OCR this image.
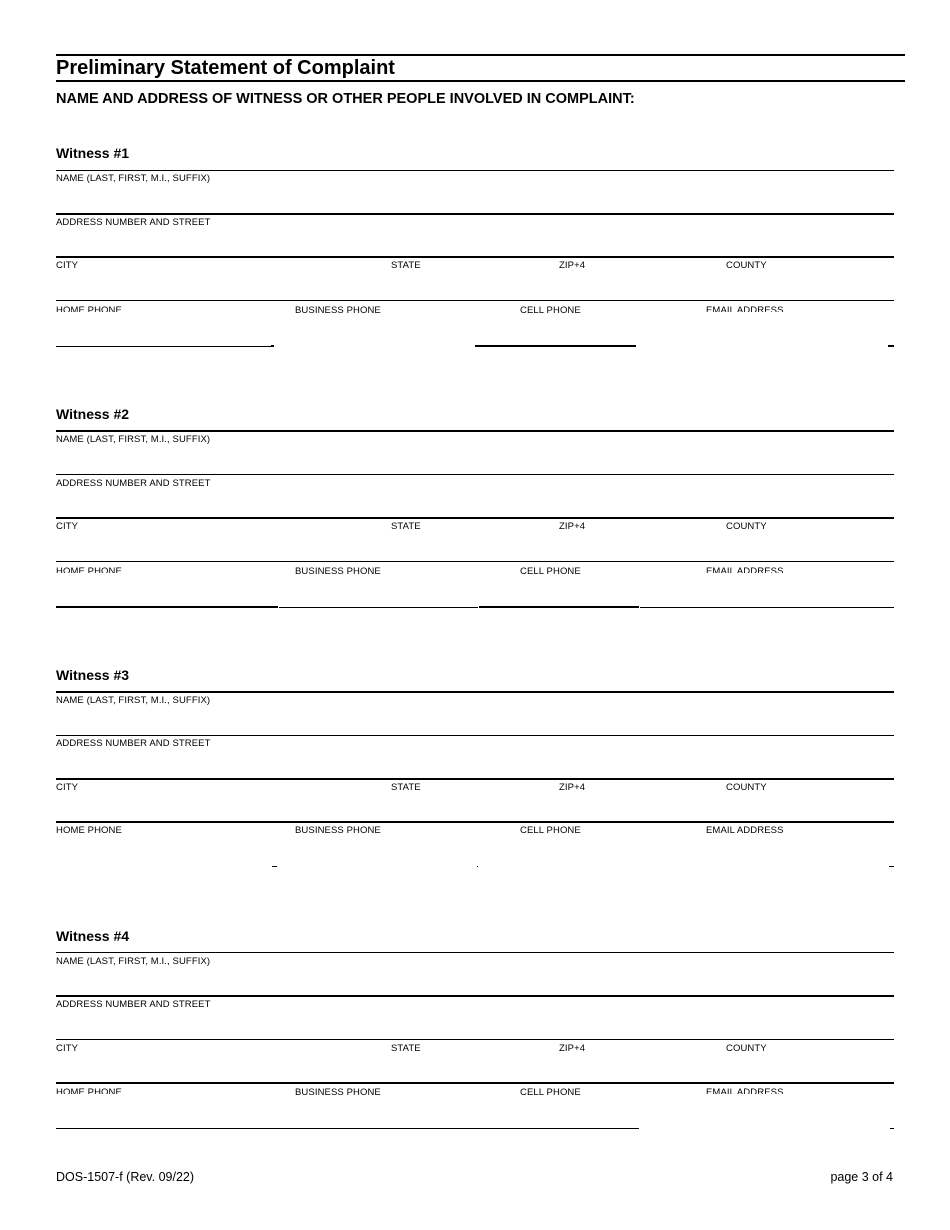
Preliminary Statement of Complaint
NAME AND ADDRESS OF WITNESS OR OTHER PEOPLE INVOLVED IN COMPLAINT:
Witness #1
NAME (LAST, FIRST, M.I., SUFFIX)
ADDRESS NUMBER AND STREET
CITY	STATE	ZIP+4	COUNTY
HOME PHONE	BUSINESS PHONE	CELL PHONE	EMAIL ADDRESS
Witness #2
NAME (LAST, FIRST, M.I., SUFFIX)
ADDRESS NUMBER AND STREET
CITY	STATE	ZIP+4	COUNTY
HOME PHONE	BUSINESS PHONE	CELL PHONE	EMAIL ADDRESS
Witness #3
NAME (LAST, FIRST, M.I., SUFFIX)
ADDRESS NUMBER AND STREET
CITY	STATE	ZIP+4	COUNTY
HOME PHONE	BUSINESS PHONE	CELL PHONE	EMAIL ADDRESS
Witness #4
NAME (LAST, FIRST, M.I., SUFFIX)
ADDRESS NUMBER AND STREET
CITY	STATE	ZIP+4	COUNTY
HOME PHONE	BUSINESS PHONE	CELL PHONE	EMAIL ADDRESS
DOS-1507-f (Rev. 09/22)	page 3 of 4
